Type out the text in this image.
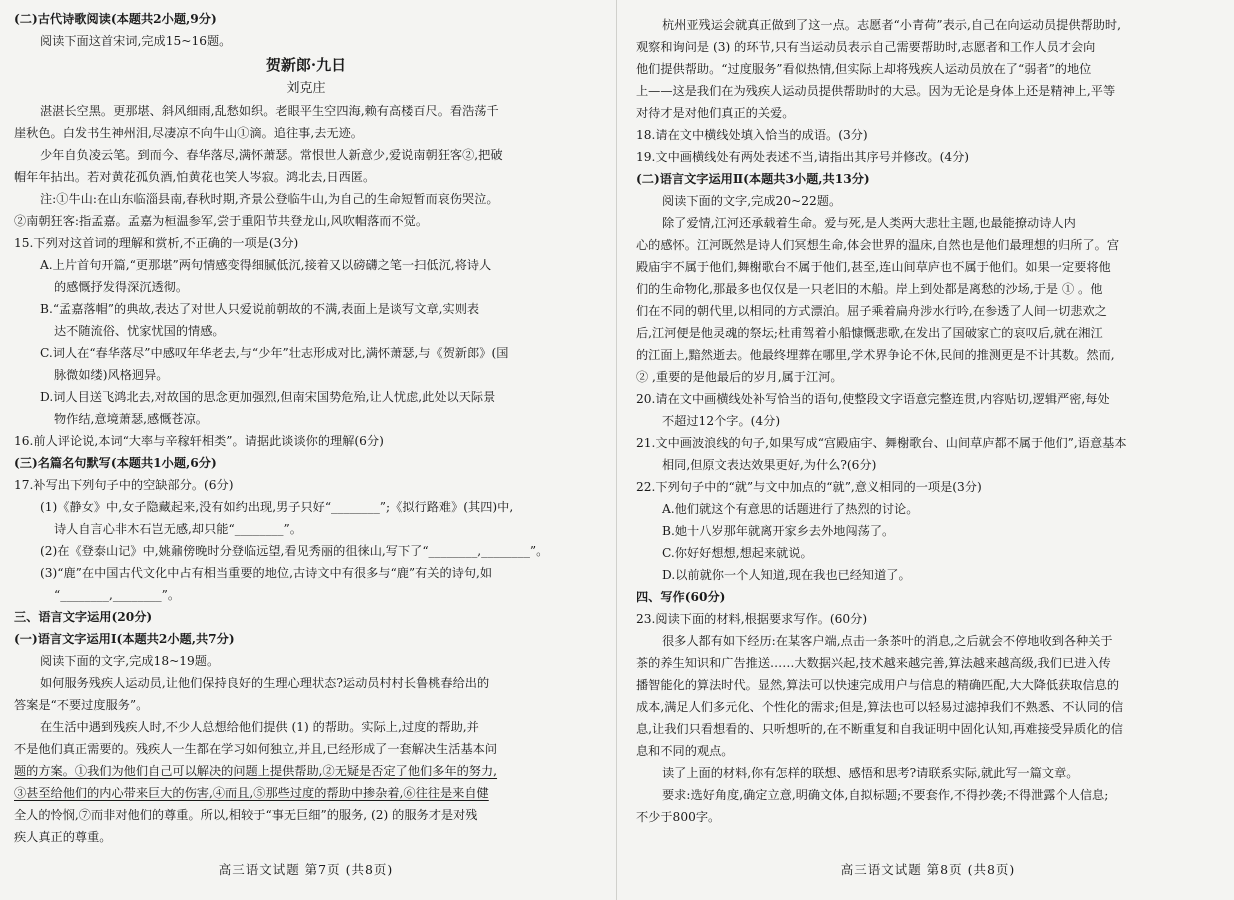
(二)古代诗歌阅读(本题共2小题,9分)
阅读下面这首宋词,完成15~16题。
贺新郎·九日
刘克庄
湛湛长空黑。更那堪、斜风细雨,乱愁如织。老眼平生空四海,赖有高楼百尺。看浩荡千
崖秋色。白发书生神州泪,尽凄凉不向牛山①滴。追往事,去无迹。
少年自负凌云笔。到而今、春华落尽,满怀萧瑟。常恨世人新意少,爱说南朝狂客②,把破
帽年年拈出。若对黄花孤负酒,怕黄花也笑人岑寂。鸿北去,日西匿。
注:①牛山:在山东临淄县南,春秋时期,齐景公登临牛山,为自己的生命短暂而哀伤哭泣。
②南朝狂客:指孟嘉。孟嘉为桓温参军,尝于重阳节共登龙山,风吹帽落而不觉。
15.下列对这首词的理解和赏析,不正确的一项是(3分)
A.上片首句开篇,“更那堪”两句情感变得细腻低沉,接着又以磅礴之笔一扫低沉,将诗人
的感慨抒发得深沉透彻。
B.“孟嘉落帽”的典故,表达了对世人只爱说前朝故的不满,表面上是谈写文章,实则表
达不随流俗、忧家忧国的情感。
C.词人在“春华落尽”中感叹年华老去,与“少年”壮志形成对比,满怀萧瑟,与《贺新郎》(国
脉微如缕)风格迥异。
D.词人目送飞鸿北去,对故国的思念更加强烈,但南宋国势危殆,让人忧虑,此处以天际景
物作结,意境萧瑟,感慨苍凉。
16.前人评论说,本词“大率与辛稼轩相类”。请据此谈谈你的理解(6分)
(三)名篇名句默写(本题共1小题,6分)
17.补写出下列句子中的空缺部分。(6分)
(1)《静女》中,女子隐藏起来,没有如约出现,男子只好“________”;《拟行路难》(其四)中,
诗人自言心非木石岂无感,却只能“________”。
(2)在《登泰山记》中,姚鼐傍晚时分登临远望,看见秀丽的徂徕山,写下了“________,________”。
(3)“鹿”在中国古代文化中占有相当重要的地位,古诗文中有很多与“鹿”有关的诗句,如
“________,________”。
三、语言文字运用(20分)
(一)语言文字运用Ⅰ(本题共2小题,共7分)
阅读下面的文字,完成18~19题。
如何服务残疾人运动员,让他们保持良好的生理心理状态?运动员村村长鲁桃春给出的
答案是“不要过度服务”。
在生活中遇到残疾人时,不少人总想给他们提供 (1) 的帮助。实际上,过度的帮助,并
不是他们真正需要的。残疾人一生都在学习如何独立,并且,已经形成了一套解决生活基本问
题的方案。①我们为他们自己可以解决的问题上提供帮助,②无疑是否定了他们多年的努力,
③甚至给他们的内心带来巨大的伤害,④而且,⑤那些过度的帮助中掺杂着,⑥往往是来自健
全人的怜悯,⑦而非对他们的尊重。所以,相较于“事无巨细”的服务, (2) 的服务才是对残
疾人真正的尊重。
高三语文试题 第7页 (共8页)
杭州亚残运会就真正做到了这一点。志愿者“小青荷”表示,自己在向运动员提供帮助时,
观察和询问是 (3) 的环节,只有当运动员表示自己需要帮助时,志愿者和工作人员才会向
他们提供帮助。“过度服务”看似热情,但实际上却将残疾人运动员放在了“弱者”的地位
上——这是我们在为残疾人运动员提供帮助时的大忌。因为无论是身体上还是精神上,平等
对待才是对他们真正的关爱。
18.请在文中横线处填入恰当的成语。(3分)
19.文中画横线处有两处表述不当,请指出其序号并修改。(4分)
(二)语言文字运用Ⅱ(本题共3小题,共13分)
阅读下面的文字,完成20~22题。
除了爱情,江河还承载着生命。爱与死,是人类两大悲壮主题,也最能撩动诗人内
心的感怀。江河既然是诗人们冥想生命,体会世界的温床,自然也是他们最理想的归所了。宫
殿庙宇不属于他们,舞榭歌台不属于他们,甚至,连山间草庐也不属于他们。如果一定要将他
们的生命物化,那最多也仅仅是一只老旧的木船。岸上到处都是离愁的沙场,于是 ① 。他
们在不同的朝代里,以相同的方式漂泊。屈子乘着扁舟涉水行吟,在参透了人间一切悲欢之
后,江河便是他灵魂的祭坛;杜甫驾着小船慷慨悲歌,在发出了国破家亡的哀叹后,就在湘江
的江面上,黯然逝去。他最终埋葬在哪里,学术界争论不休,民间的推测更是不计其数。然而,
② ,重要的是他最后的岁月,属于江河。
20.请在文中画横线处补写恰当的语句,使整段文字语意完整连贯,内容贴切,逻辑严密,每处
不超过12个字。(4分)
21.文中画波浪线的句子,如果写成“宫殿庙宇、舞榭歌台、山间草庐都不属于他们”,语意基本
相同,但原文表达效果更好,为什么?(6分)
22.下列句子中的“就”与文中加点的“就”,意义相同的一项是(3分)
A.他们就这个有意思的话题进行了热烈的讨论。
B.她十八岁那年就离开家乡去外地闯荡了。
C.你好好想想,想起来就说。
D.以前就你一个人知道,现在我也已经知道了。
四、写作(60分)
23.阅读下面的材料,根据要求写作。(60分)
很多人都有如下经历:在某客户端,点击一条茶叶的消息,之后就会不停地收到各种关于
茶的养生知识和广告推送……大数据兴起,技术越来越完善,算法越来越高级,我们已进入传
播智能化的算法时代。显然,算法可以快速完成用户与信息的精确匹配,大大降低获取信息的
成本,满足人们多元化、个性化的需求;但是,算法也可以轻易过滤掉我们不熟悉、不认同的信
息,让我们只看想看的、只听想听的,在不断重复和自我证明中固化认知,再难接受异质化的信
息和不同的观点。
读了上面的材料,你有怎样的联想、感悟和思考?请联系实际,就此写一篇文章。
要求:选好角度,确定立意,明确文体,自拟标题;不要套作,不得抄袭;不得泄露个人信息;
不少于800字。
高三语文试题 第8页 (共8页)
